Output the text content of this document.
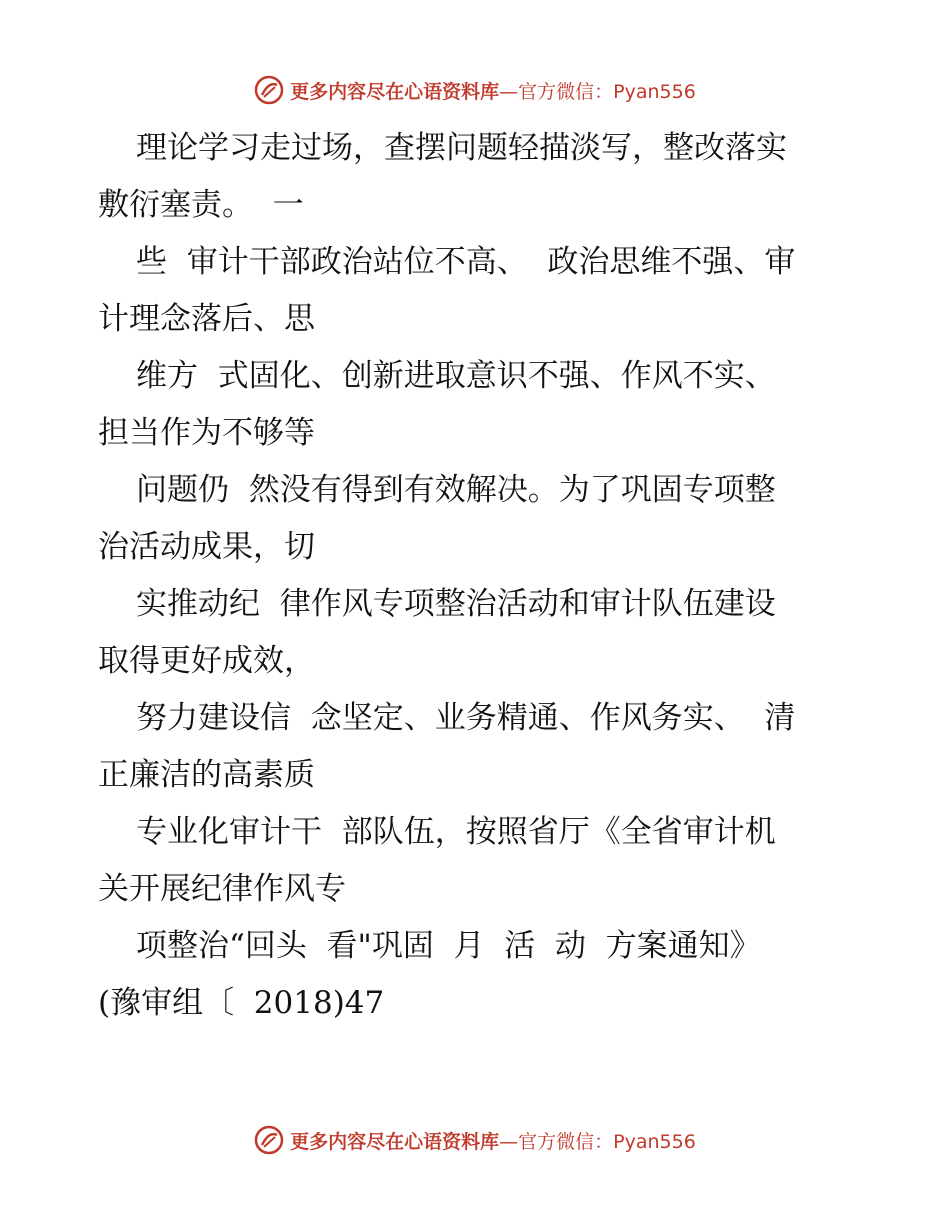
更多内容尽在心语资料库—官方微信：Pyan556
理论学习走过场，查摆问题轻描淡写，整改落实
敷衍塞责。  一
些  审计干部政治站位不高、  政治思维不强、审
计理念落后、思
维方  式固化、创新进取意识不强、作风不实、
担当作为不够等
问题仍  然没有得到有效解决。为了巩固专项整
治活动成果，切
实推动纪  律作风专项整治活动和审计队伍建设
取得更好成效，
努力建设信  念坚定、业务精通、作风务实、  清
正廉洁的高素质
专业化审计干  部队伍，按照省厅《全省审计机
关开展纪律作风专
项整治“回头  看"巩固  月  活  动  方案通知》
(豫审组〔  2018)47
更多内容尽在心语资料库—官方微信：Pyan556
